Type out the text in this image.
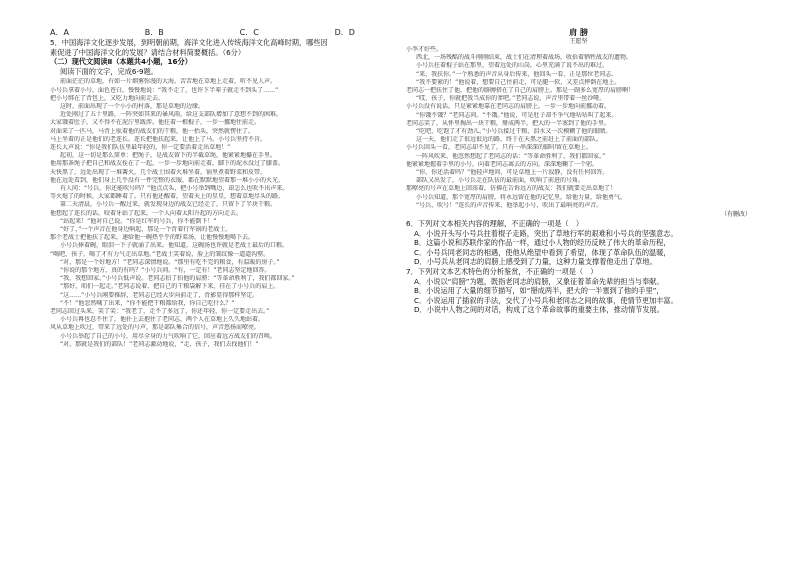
A．A	B．B	C．C	D．D
5．中国海洋文化逐步发展，到明朝前期，海洋文化进入传统海洋文化高峰时期，哪些因
素促进了中国海洋文化的发展？请结合材料简要概括。（6分）
（二）现代文阅读Ⅱ（本题共4小题，16分）
阅读下面的文字，完成6-9题。
前面茫茫的草地，有如一片烟雾弥漫的大海。苦苦地在草地上走着，听不见人声。
小号兵拿着小号，面色苍白，慢慢地说：“我不走了，也许下半辈子就走不到头了……”
把小号绑在了背包上，又吃力地向前走去。
这时，前面出现了一个小小的村落，那是草地的边缘。
近处刚过了五十里路，一阵突如其来的暴风雨，给这支部队增加了意想不到的困难。
大家饿着肚子，又不得不在泥泞里跋涉。他拄着一根棍子，一步一挪地往前走。
对面来了一匹马，马背上驮着他的战友们的干粮，他一抬头，突然就愣住了。
马上坐着的正是他们的老连长。连长把他扶起来，让他上了马。小号兵坚持不肯。
连长大声说：“你是我们队伍里最年轻的，你一定要活着走出草地！”
起初，这一切是那么简单：把绳子，是战友留下的半截草绳，他紧紧地攥在手里。
他用那条绳子把自己和战友拴在了一起，一步一步地向前走着，脚下的泥水没过了膝盖。
天快黑了，远处出现了一堆篝火，几个战士围着火堆坐着，锅里煮着野菜和皮带。
他在远处看到，他们身上几乎没有一件完整的衣服，都在默默地望着那一堆小小的火光。
有人问：“号兵，你还能吹号吗？”他点点头，把小号举到嘴边，却怎么也吹不出声来。
等火熄了的时候，大家都睡着了。只有他还醒着，望着天上的星星，想着草地尽头的路。
第二天清晨，小号兵一醒过来，就发现身边的战友已经走了，只留下了半块干粮。
他想起了连长的话，咬着牙站了起来，一个人向着太阳升起的方向走去。
“站起来！”他对自己说。“你是红军的号兵，你不能倒下！”
“好了，”一个声音在他身边响起，那是一个背着行军锅的老战士。
那个老战士把他扶了起来，递给他一碗热乎乎的野菜汤，让他慢慢地喝下去。
小号兵捧着碗，眼泪一下子就涌了出来。他知道，这碗汤也许就是老战士最后的口粮。
“喝吧，孩子，喝了才有力气走出草地。”老战士笑着说，脸上的皱纹像一道道沟壑。
“对，那是一个好地方！”老同志深情地说。“那里有吃不完的粮食，有温暖的房子。”
“你说的那个地方，真的有吗？”小号兵问。“有，一定有！”老同志坚定地回答。
“我，我想回家。”小号兵低声说。老同志拍了拍他的肩膀：“等革命胜利了，我们都回家。”
“那好，咱们一起走。”老同志说着，把自己的干粮袋解下来，挂在了小号兵的肩上。
“这……”小号兵刚要推辞，老同志已经大步向前走了，背影显得那样坚定。
“不！”他忽然喊了出来，“你不能把干粮都给我，你自己吃什么？”
老同志回过头来，笑了笑：“我老了，走不了多远了，你还年轻，你一定要走出去。”
小号兵再也忍不住了，他扑上去抱住了老同志，两个人在草地上久久地站着。
风从草地上吹过，带来了远处的号声，那是部队集合的信号，声音悠扬而嘹亮。
小号兵举起了自己的小号，用尽全身的力气吹响了它，回应着远方战友们的召唤。
“对，那就是我们的部队！”老同志激动地说，“走，孩子，我们去找他们！”
肩 膀
王愿坚
小李才好些。
西北，一场残酷的战斗刚刚结束，战士们在清理着战场，收拾着牺牲战友的遗物。
小号兵拄着棍子站在那里，望着远处的山岗，心里充满了说不出的难过。
“来，我扶你。”一个熟悉的声音从身后传来，他回头一看，正是那位老同志。
“我不要紧的！”他说着，想要自己往前走，可是腿一软，又差点摔倒在地上。
老同志一把扶住了他，把他的胳膊搭在了自己的肩膀上。那是一副多么宽厚的肩膀啊！
“哎，孩子，你就把我当成你的爹吧。”老同志说，声音里带着一丝沙哑。
小号兵没有说话，只是紧紧地靠在老同志的肩膀上，一步一步地向前挪动着。
“你饿不饿？”老同志问。“不饿。”他说，可是肚子却不争气地咕咕叫了起来。
老同志笑了，从怀里掏出一块干粮，掰成两半，把大的一半塞到了他的手里。
“吃吧，吃饱了才有劲儿。”小号兵接过干粮，泪水又一次模糊了他的眼睛。
这一天，他们走了很远很远的路，终于在天黑之前赶上了前面的部队。
小号兵回头一看，老同志却不见了，只有一串深深的脚印留在草地上。
一阵风吹来，他忽然想起了老同志的话：“等革命胜利了，我们都回家。”
他紧紧地握着手里的小号，向着老同志离去的方向，深深地鞠了一个躬。
“你，你还活着吗？”他轻声地问，可是草地上一片寂静，没有任何回答。
部队又出发了，小号兵走在队伍的最前面，吹响了前进的号角。
那嘹亮的号声在草地上回荡着，仿佛在告诉远方的战友：我们就要走出草地了！
小号兵知道，那个宽厚的肩膀，将永远留在他的记忆里，给他力量，给他勇气。
“号兵，吹号！”连长的声音传来，他举起小号，吹出了最响亮的声音。
（有删改）
6．下列对文本相关内容的理解，不正确的一项是（　）
A．小说开头写小号兵拄着棍子走路，突出了草地行军的艰难和小号兵的坚强意志。
B．这篇小说和苏联作家的作品一样，通过小人物的经历反映了伟大的革命历程，
C．小号兵同老同志的相遇，使他从绝望中看到了希望，体现了革命队伍的温暖，
D．小号兵从老同志的肩膀上感受到了力量，这种力量支撑着他走出了草地。
7．下列对文本艺术特色的分析鉴赏，不正确的一项是（　）
A．小说以“肩膀”为题，既指老同志的肩膀，又象征着革命先辈的担当与奉献。
B．小说运用了大量的细节描写，如“掰成两半，把大的一半塞到了他的手里”，
C．小说运用了插叙的手法，交代了小号兵和老同志之间的故事，使情节更加丰富。
D．小说中人物之间的对话，构成了这个革命故事的重要主体，推动情节发展。
